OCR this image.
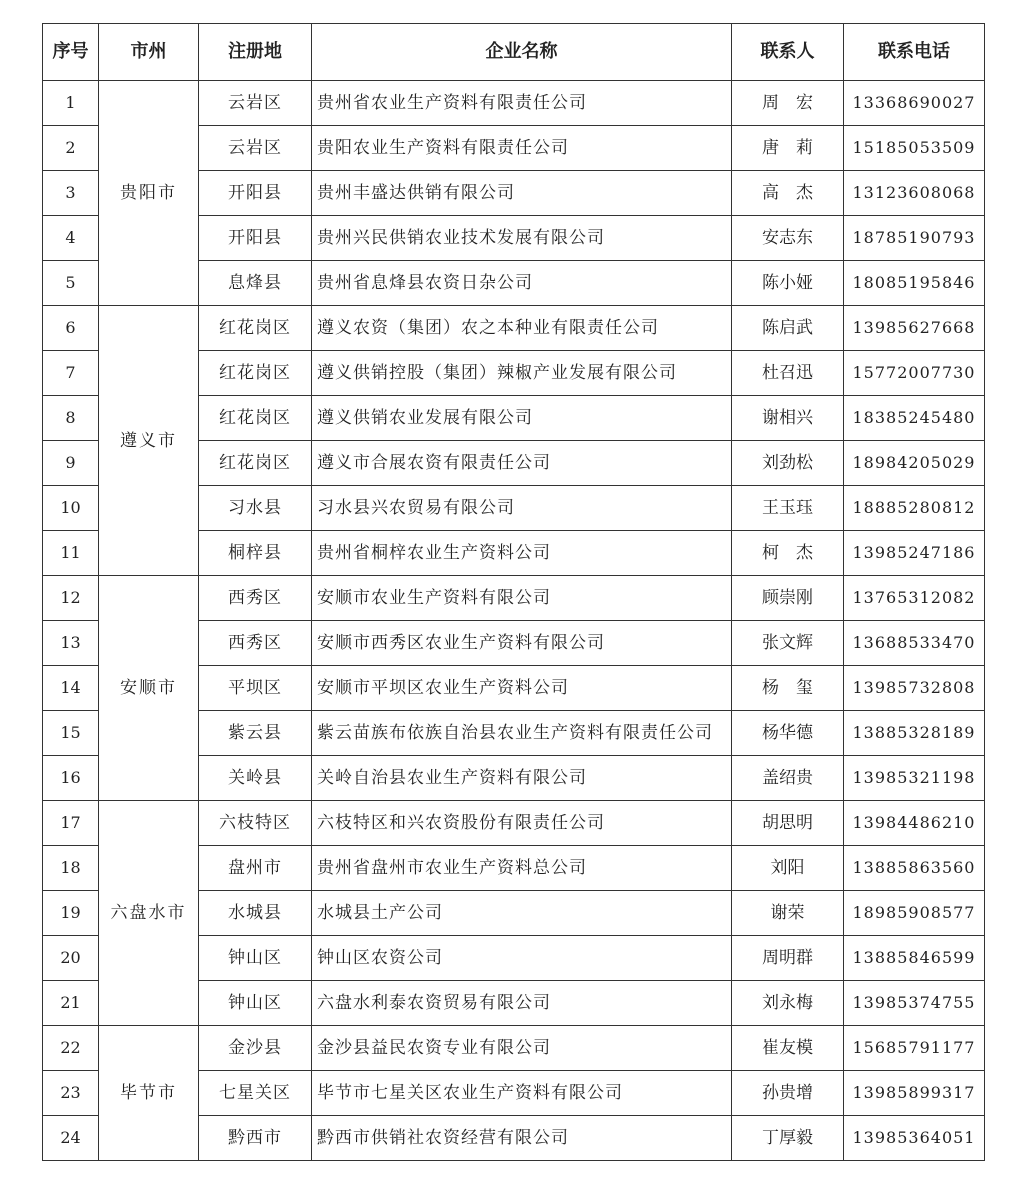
序号	市州	注册地	企业名称	联系人	联系电话
1	贵阳市	云岩区	贵州省农业生产资料有限责任公司	周　宏	13368690027
2		云岩区	贵阳农业生产资料有限责任公司	唐　莉	15185053509
3		开阳县	贵州丰盛达供销有限公司	高　杰	13123608068
4		开阳县	贵州兴民供销农业技术发展有限公司	安志东	18785190793
5		息烽县	贵州省息烽县农资日杂公司	陈小娅	18085195846
6	遵义市	红花岗区	遵义农资（集团）农之本种业有限责任公司	陈启武	13985627668
7		红花岗区	遵义供销控股（集团）辣椒产业发展有限公司	杜召迅	15772007730
8		红花岗区	遵义供销农业发展有限公司	谢相兴	18385245480
9		红花岗区	遵义市合展农资有限责任公司	刘劲松	18984205029
10		习水县	习水县兴农贸易有限公司	王玉珏	18885280812
11		桐梓县	贵州省桐梓农业生产资料公司	柯　杰	13985247186
12	安顺市	西秀区	安顺市农业生产资料有限公司	顾崇刚	13765312082
13		西秀区	安顺市西秀区农业生产资料有限公司	张文辉	13688533470
14		平坝区	安顺市平坝区农业生产资料公司	杨　玺	13985732808
15		紫云县	紫云苗族布依族自治县农业生产资料有限责任公司	杨华德	13885328189
16		关岭县	关岭自治县农业生产资料有限公司	盖绍贵	13985321198
17	六盘水市	六枝特区	六枝特区和兴农资股份有限责任公司	胡思明	13984486210
18		盘州市	贵州省盘州市农业生产资料总公司	刘阳	13885863560
19		水城县	水城县土产公司	谢荣	18985908577
20		钟山区	钟山区农资公司	周明群	13885846599
21		钟山区	六盘水利泰农资贸易有限公司	刘永梅	13985374755
22	毕节市	金沙县	金沙县益民农资专业有限公司	崔友模	15685791177
23		七星关区	毕节市七星关区农业生产资料有限公司	孙贵增	13985899317
24		黔西市	黔西市供销社农资经营有限公司	丁厚毅	13985364051
